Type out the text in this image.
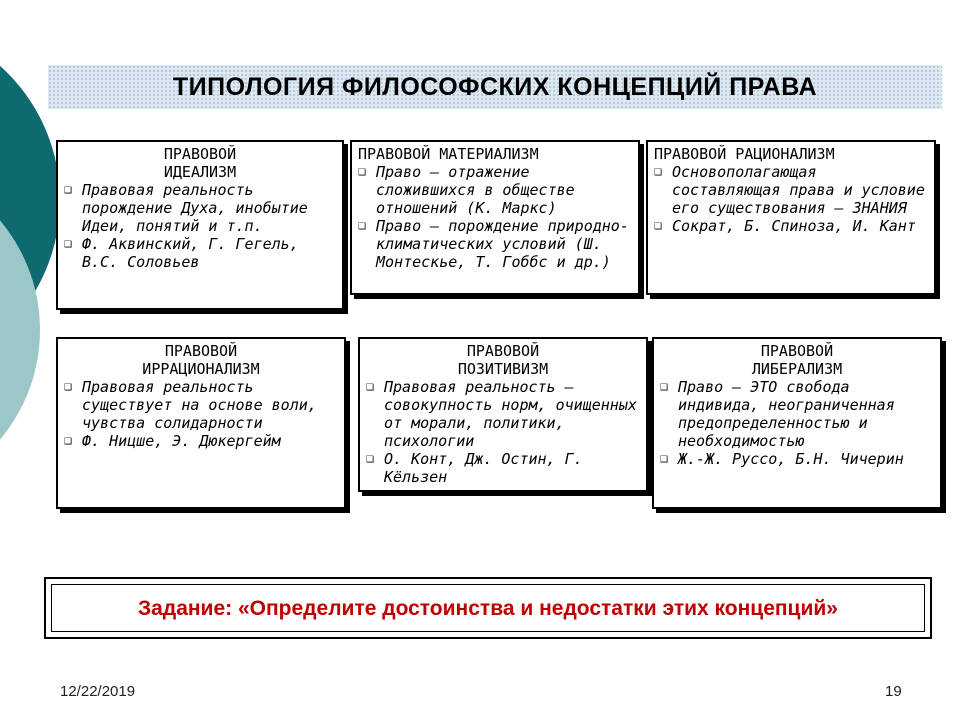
ТИПОЛОГИЯ ФИЛОСОФСКИХ КОНЦЕПЦИЙ ПРАВА
ПРАВОВОЙ
ИДЕАЛИЗМ
❑ Правовая реальность порождение Духа, инобытие Идеи, понятий и т.п.
❑ Ф. Аквинский, Г. Гегель, В.С. Соловьев
ПРАВОВОЙ МАТЕРИАЛИЗМ
❑ Право – отражение сложившихся в обществе отношений (К. Маркс)
❑ Право – порождение природно-климатических условий (Ш. Монтескье, Т. Гоббс и др.)
ПРАВОВОЙ РАЦИОНАЛИЗМ
❑ Основополагающая составляющая права и условие его существования – ЗНАНИЯ
❑ Сократ, Б. Спиноза, И. Кант
ПРАВОВОЙ
ИРРАЦИОНАЛИЗМ
❑ Правовая реальность существует на основе воли, чувства солидарности
❑ Ф. Ницше, Э. Дюкергейм
ПРАВОВОЙ
ПОЗИТИВИЗМ
❑ Правовая реальность – совокупность норм, очищенных от морали, политики, психологии
❑ О. Конт, Дж. Остин, Г. Кёльзен
ПРАВОВОЙ
ЛИБЕРАЛИЗМ
❑ Право – ЭТО свобода индивида, неограниченная предопределенностью и необходимостью
❑ Ж.-Ж. Руссо, Б.Н. Чичерин
Задание: «Определите достоинства и недостатки этих концепций»
12/22/2019	19
